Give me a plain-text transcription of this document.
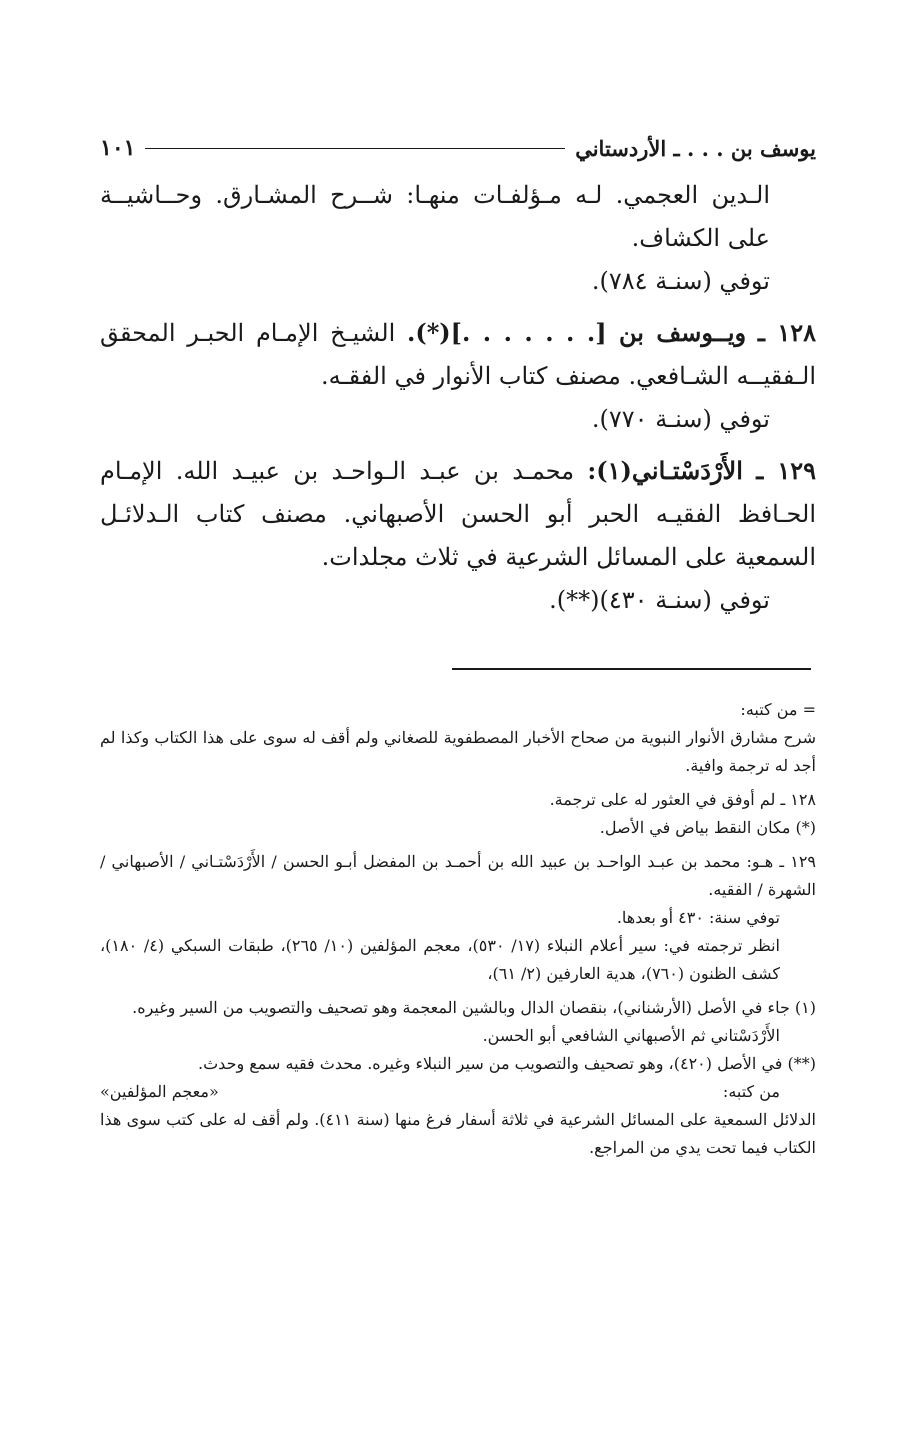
يوسف بن . . . ـ الأردستاني
١٠١

الـدين العجمي. لـه مـؤلفـات منهـا: شــرح المشـارق. وحــاشيــة على الكشاف.

توفي (سنـة ٧٨٤).

١٢٨ ـ ويــوسف بن [. . . . . . .](*). الشيـخ الإمـام الحبـر المحقق الـفقيــه الشـافعي. مصنف كتاب الأنوار في الفقـه.

توفي (سنـة ٧٧٠).

١٢٩ ـ الأَرْدَسْتـاني(١): محمـد بن عبـد الـواحـد بن عبيـد الله. الإمـام الحـافظ الفقيـه الحبر أبو الحسن الأصبهاني. مصنف كتاب الـدلائـل السمعية على المسائل الشرعية في ثلاث مجلدات.

توفي (سنـة ٤٣٠)(**).

= من كتبه:

شرح مشارق الأنوار النبوية من صحاح الأخبار المصطفوية للصغاني ولم أقف له سوى على هذا الكتاب وكذا لم أجد له ترجمة وافية.

١٢٨ ـ لم أوفق في العثور له على ترجمة.

(*) مكان النقط بياض في الأصل.

١٢٩ ـ هـو: محمد بن عبـد الواحـد بن عبيد الله بن أحمـد بن المفضل أبـو الحسن / الأَرْدَسْتـاني / الأصبهاني / الشهرة / الفقيه.

توفي سنة: ٤٣٠ أو بعدها.

انظر ترجمته في: سير أعلام النبلاء (١٧/ ٥٣٠)، معجم المؤلفين (١٠/ ٢٦٥)، طبقات السبكي (٤/ ١٨٠)، كشف الظنون (٧٦٠)، هدية العارفين (٢/ ٦١)،

(١) جاء في الأصل (الأرشناني)، بنقصان الدال وبالشين المعجمة وهو تصحيف والتصويب من السير وغيره.

الأَرْدَسْتاني ثم الأصبهاني الشافعي أبو الحسن.

(**) في الأصل (٤٢٠)، وهو تصحيف والتصويب من سير النبلاء وغيره. محدث فقيه سمع وحدث.

من كتبه:
«معجم المؤلفين»

الدلائل السمعية على المسائل الشرعية في ثلاثة أسفار فرغ منها (سنة ٤١١). ولم أقف له على كتب سوى هذا الكتاب فيما تحت يدي من المراجع.
